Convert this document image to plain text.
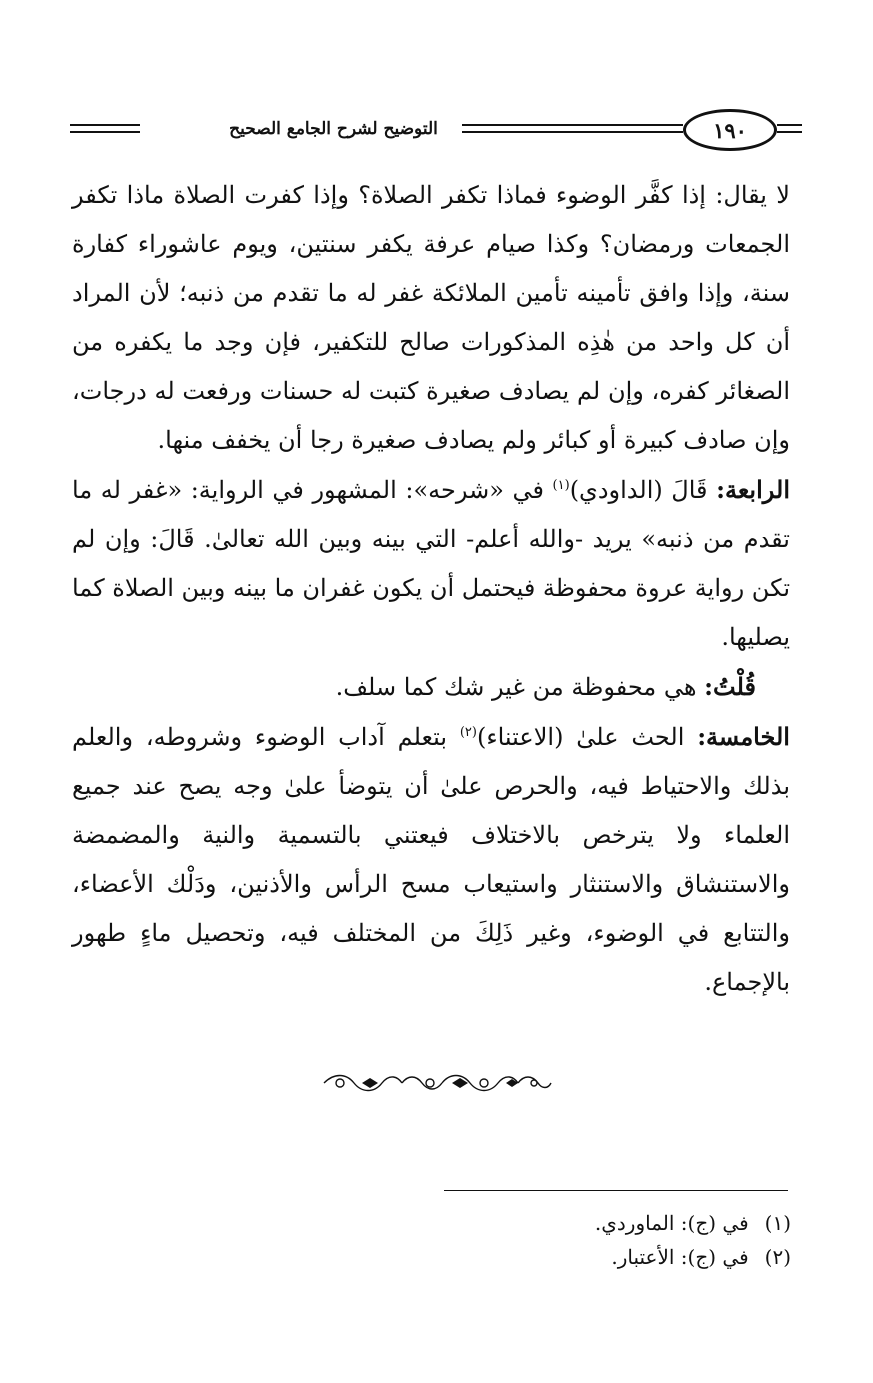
التوضيح لشرح الجامع الصحيح	١٩٠

لا يقال: إذا كفَّر الوضوء فماذا تكفر الصلاة؟ وإذا كفرت الصلاة ماذا تكفر الجمعات ورمضان؟ وكذا صيام عرفة يكفر سنتين، ويوم عاشوراء كفارة سنة، وإذا وافق تأمينه تأمين الملائكة غفر له ما تقدم من ذنبه؛ لأن المراد أن كل واحد من هٰذِه المذكورات صالح للتكفير، فإن وجد ما يكفره من الصغائر كفره، وإن لم يصادف صغيرة كتبت له حسنات ورفعت له درجات، وإن صادف كبيرة أو كبائر ولم يصادف صغيرة رجا أن يخفف منها.

الرابعة: قَالَ (الداودي)$^{(١)}$ في «شرحه»: المشهور في الرواية: «غفر له ما تقدم من ذنبه» يريد -والله أعلم- التي بينه وبين الله تعالىٰ. قَالَ: وإن لم تكن رواية عروة محفوظة فيحتمل أن يكون غفران ما بينه وبين الصلاة كما يصليها.

قُلْتُ: هي محفوظة من غير شك كما سلف.

الخامسة: الحث علىٰ (الاعتناء)$^{(٢)}$ بتعلم آداب الوضوء وشروطه، والعلم بذلك والاحتياط فيه، والحرص علىٰ أن يتوضأ علىٰ وجه يصح عند جميع العلماء ولا يترخص بالاختلاف فيعتني بالتسمية والنية والمضمضة والاستنشاق والاستنثار واستيعاب مسح الرأس والأذنين، ودَلْك الأعضاء، والتتابع في الوضوء، وغير ذَلِكَ من المختلف فيه، وتحصيل ماءٍ طهور بالإجماع.

(١) في (ج): الماوردي.
(٢) في (ج): الأعتبار.
